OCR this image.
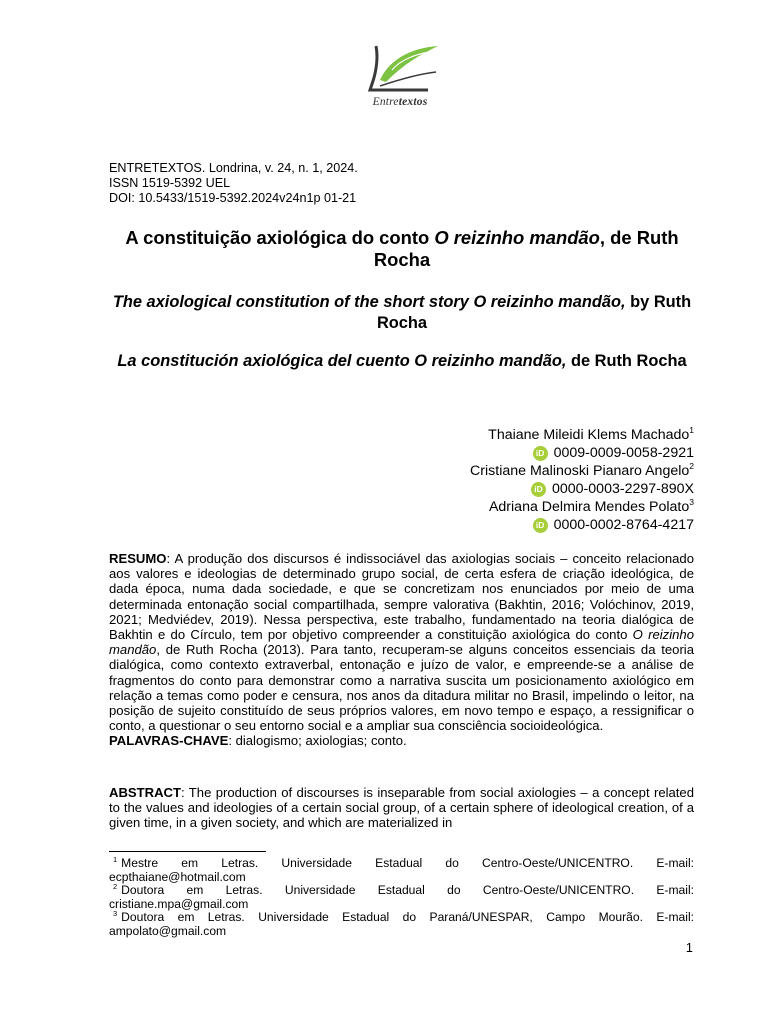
Entretextos
ENTRETEXTOS. Londrina, v. 24, n. 1, 2024.
ISSN 1519-5392 UEL
DOI: 10.5433/1519-5392.2024v24n1p 01-21
A constituição axiológica do conto O reizinho mandão, de Ruth Rocha
The axiological constitution of the short story O reizinho mandão, by Ruth Rocha
La constitución axiológica del cuento O reizinho mandão, de Ruth Rocha
Thaiane Mileidi Klems Machado$^1$
iD 0009-0009-0058-2921
Cristiane Malinoski Pianaro Angelo$^2$
iD 0000-0003-2297-890X
Adriana Delmira Mendes Polato$^3$
iD 0000-0002-8764-4217
RESUMO: A produção dos discursos é indissociável das axiologias sociais – conceito relacionado aos valores e ideologias de determinado grupo social, de certa esfera de criação ideológica, de dada época, numa dada sociedade, e que se concretizam nos enunciados por meio de uma determinada entonação social compartilhada, sempre valorativa (Bakhtin, 2016; Volóchinov, 2019, 2021; Medviédev, 2019). Nessa perspectiva, este trabalho, fundamentado na teoria dialógica de Bakhtin e do Círculo, tem por objetivo compreender a constituição axiológica do conto O reizinho mandão, de Ruth Rocha (2013). Para tanto, recuperam-se alguns conceitos essenciais da teoria dialógica, como contexto extraverbal, entonação e juízo de valor, e empreende-se a análise de fragmentos do conto para demonstrar como a narrativa suscita um posicionamento axiológico em relação a temas como poder e censura, nos anos da ditadura militar no Brasil, impelindo o leitor, na posição de sujeito constituído de seus próprios valores, em novo tempo e espaço, a ressignificar o conto, a questionar o seu entorno social e a ampliar sua consciência socioideológica.
PALAVRAS-CHAVE: dialogismo; axiologias; conto.
ABSTRACT: The production of discourses is inseparable from social axiologies – a concept related to the values and ideologies of a certain social group, of a certain sphere of ideological creation, of a given time, in a given society, and which are materialized in
$^1$ Mestre em Letras. Universidade Estadual do Centro-Oeste/UNICENTRO. E-mail: ecpthaiane@hotmail.com
$^2$ Doutora em Letras. Universidade Estadual do Centro-Oeste/UNICENTRO. E-mail: cristiane.mpa@gmail.com
$^3$ Doutora em Letras. Universidade Estadual do Paraná/UNESPAR, Campo Mourão. E-mail: ampolato@gmail.com
1
